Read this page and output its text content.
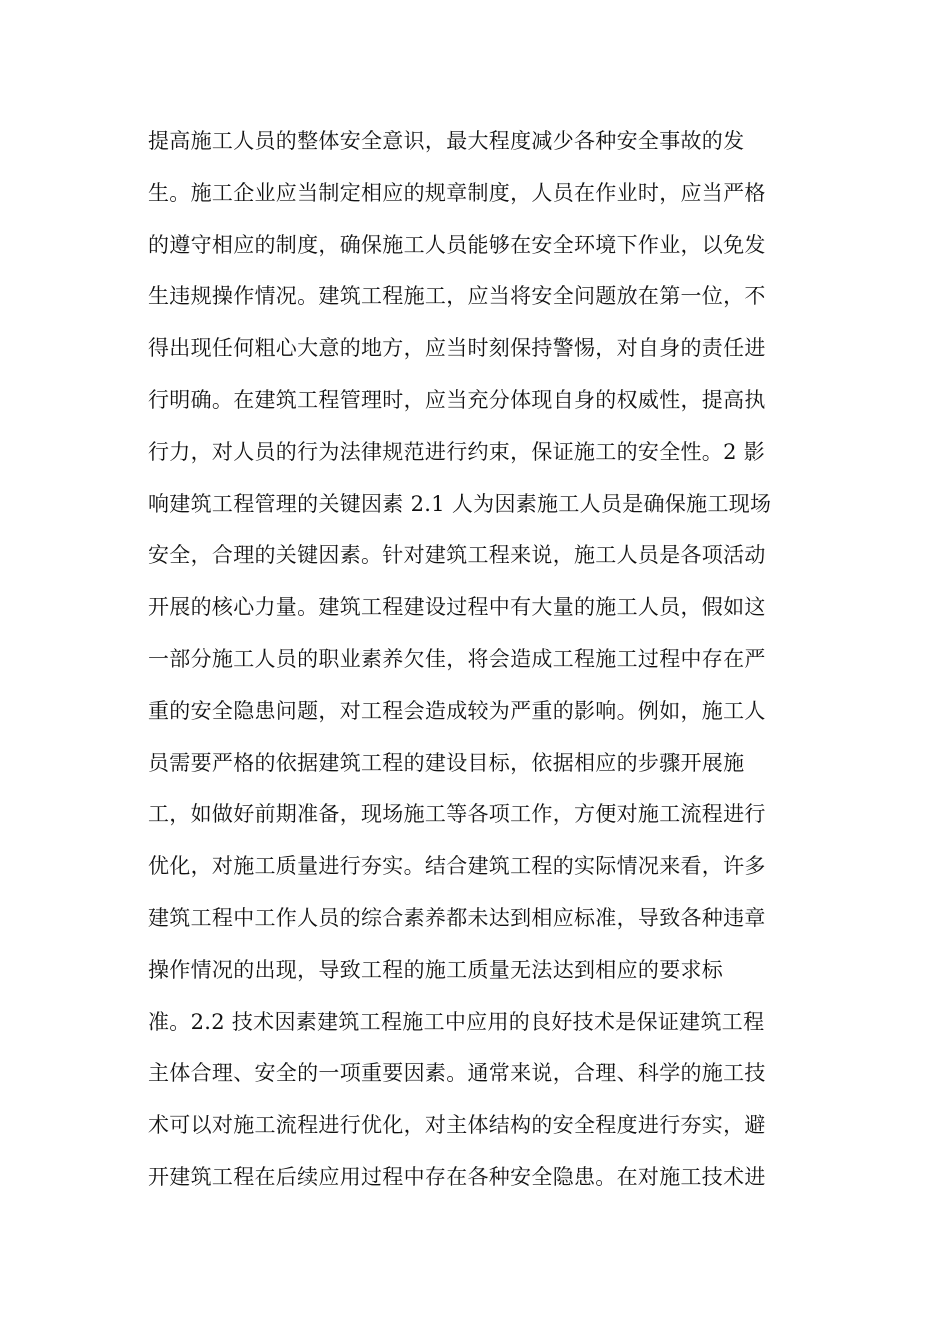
提高施工人员的整体安全意识，最大程度减少各种安全事故的发
生。施工企业应当制定相应的规章制度，人员在作业时，应当严格
的遵守相应的制度，确保施工人员能够在安全环境下作业，以免发
生违规操作情况。建筑工程施工，应当将安全问题放在第一位，不
得出现任何粗心大意的地方，应当时刻保持警惕，对自身的责任进
行明确。在建筑工程管理时，应当充分体现自身的权威性，提高执
行力，对人员的行为法律规范进行约束，保证施工的安全性。2 影
响建筑工程管理的关键因素 2.1 人为因素施工人员是确保施工现场
安全，合理的关键因素。针对建筑工程来说，施工人员是各项活动
开展的核心力量。建筑工程建设过程中有大量的施工人员，假如这
一部分施工人员的职业素养欠佳，将会造成工程施工过程中存在严
重的安全隐患问题，对工程会造成较为严重的影响。例如，施工人
员需要严格的依据建筑工程的建设目标，依据相应的步骤开展施
工，如做好前期准备，现场施工等各项工作，方便对施工流程进行
优化，对施工质量进行夯实。结合建筑工程的实际情况来看，许多
建筑工程中工作人员的综合素养都未达到相应标准，导致各种违章
操作情况的出现，导致工程的施工质量无法达到相应的要求标
准。2.2 技术因素建筑工程施工中应用的良好技术是保证建筑工程
主体合理、安全的一项重要因素。通常来说，合理、科学的施工技
术可以对施工流程进行优化，对主体结构的安全程度进行夯实，避
开建筑工程在后续应用过程中存在各种安全隐患。在对施工技术进
